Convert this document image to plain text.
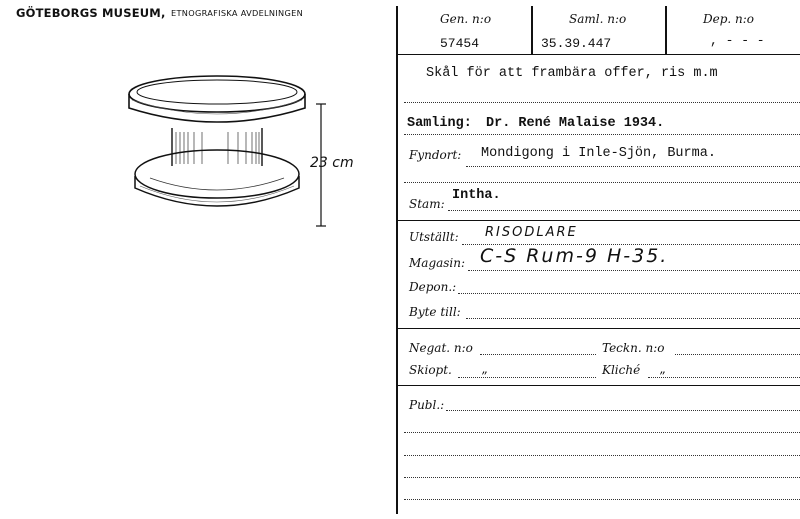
GÖTEBORGS MUSEUM, ETNOGRAFISKA AVDELNINGEN
23 cm
Gen. n:o
57454
Saml. n:o
35.39.447
Dep. n:o
, - - -
Skål för att frambära offer, ris m.m
Samling: Dr. René Malaise 1934.
Fyndort: Mondigong i Inle-Sjön, Burma.
Stam:
Intha.
Utställt: RISODLARE
Magasin: C-S Rum-9 H-35.
Depon.:
Byte till:
Negat. n:o	Teckn. n:o
Skiopt.	„	Kliché „
Publ.:
